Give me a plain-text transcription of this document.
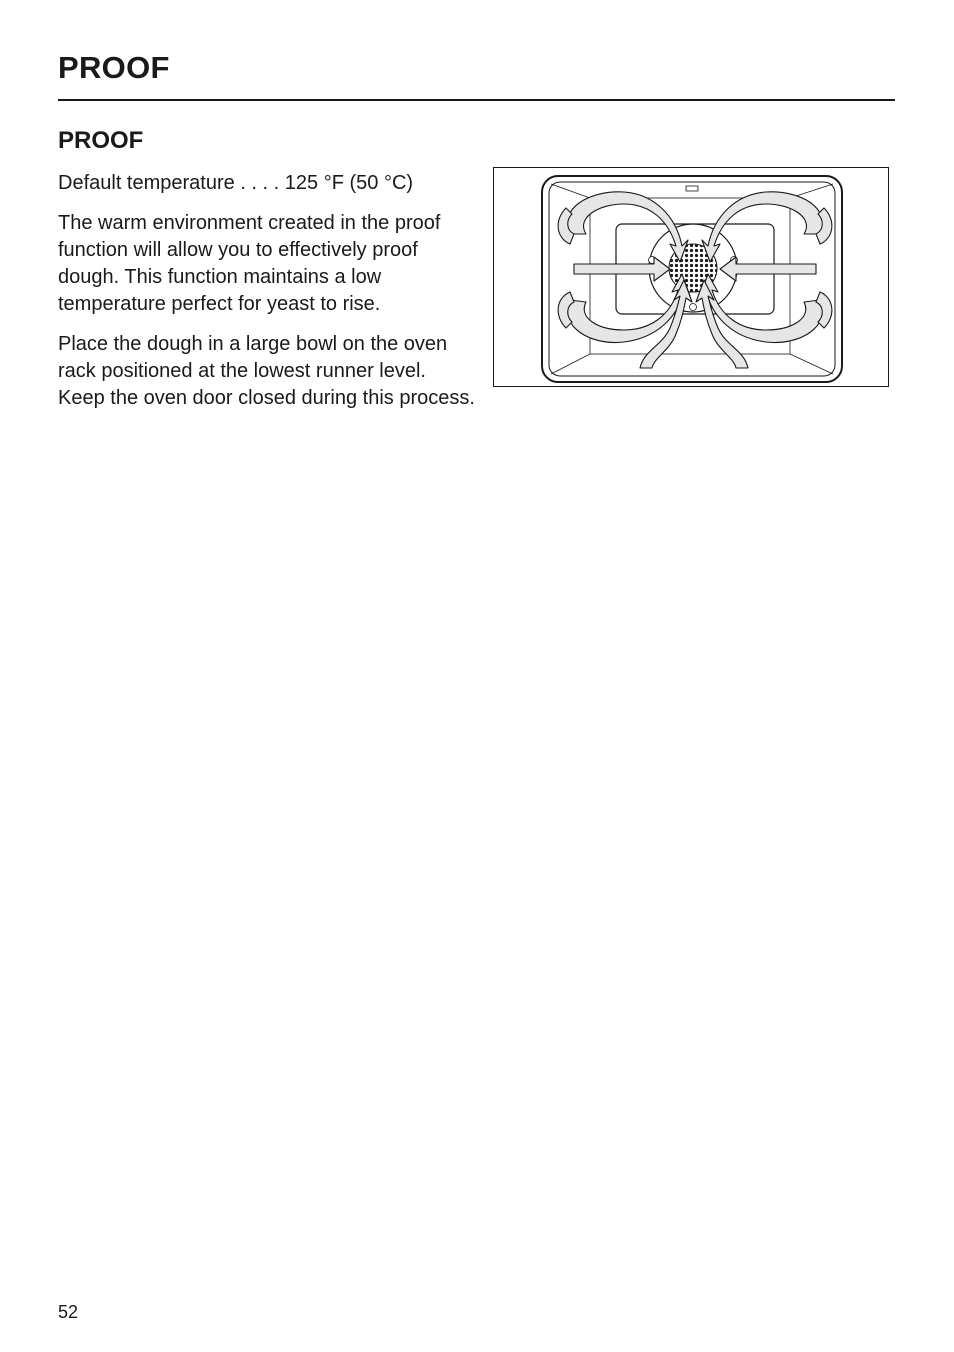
PROOF
PROOF

Default temperature . . . . 125 °F (50 °C)

The warm environment created in the proof function will allow you to effectively proof dough. This function maintains a low temperature perfect for yeast to rise.

Place the dough in a large bowl on the oven rack positioned at the lowest runner level. Keep the oven door closed during this process.

52
